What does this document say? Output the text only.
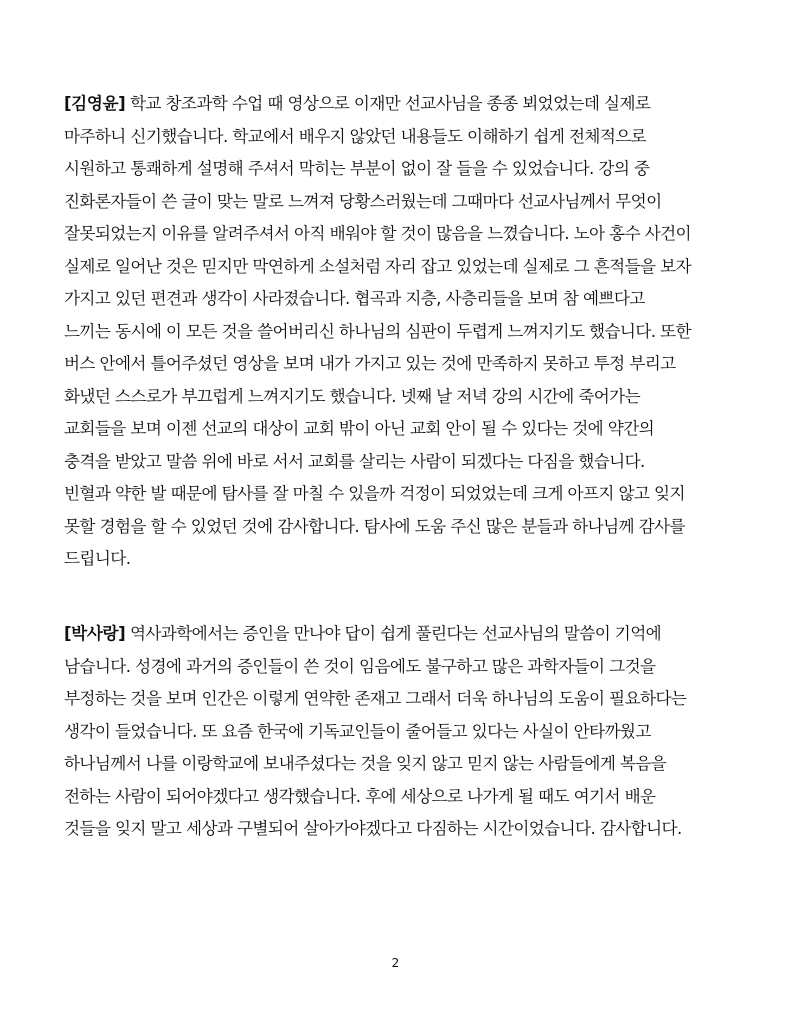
[김영윤] 학교 창조과학 수업 때 영상으로 이재만 선교사님을 종종 뵈었었는데 실제로
마주하니 신기했습니다. 학교에서 배우지 않았던 내용들도 이해하기 쉽게 전체적으로
시원하고 통쾌하게 설명해 주셔서 막히는 부분이 없이 잘 들을 수 있었습니다. 강의 중
진화론자들이 쓴 글이 맞는 말로 느껴져 당황스러웠는데 그때마다 선교사님께서 무엇이
잘못되었는지 이유를 알려주셔서 아직 배워야 할 것이 많음을 느꼈습니다. 노아 홍수 사건이
실제로 일어난 것은 믿지만 막연하게 소설처럼 자리 잡고 있었는데 실제로 그 흔적들을 보자
가지고 있던 편견과 생각이 사라졌습니다. 협곡과 지층, 사층리들을 보며 참 예쁘다고
느끼는 동시에 이 모든 것을 쓸어버리신 하나님의 심판이 두렵게 느껴지기도 했습니다. 또한
버스 안에서 틀어주셨던 영상을 보며 내가 가지고 있는 것에 만족하지 못하고 투정 부리고
화냈던 스스로가 부끄럽게 느껴지기도 했습니다. 넷째 날 저녁 강의 시간에 죽어가는
교회들을 보며 이젠 선교의 대상이 교회 밖이 아닌 교회 안이 될 수 있다는 것에 약간의
충격을 받았고 말씀 위에 바로 서서 교회를 살리는 사람이 되겠다는 다짐을 했습니다.
빈혈과 약한 발 때문에 탐사를 잘 마칠 수 있을까 걱정이 되었었는데 크게 아프지 않고 잊지
못할 경험을 할 수 있었던 것에 감사합니다. 탐사에 도움 주신 많은 분들과 하나님께 감사를
드립니다.
[박사랑] 역사과학에서는 증인을 만나야 답이 쉽게 풀린다는 선교사님의 말씀이 기억에
남습니다. 성경에 과거의 증인들이 쓴 것이 임음에도 불구하고 많은 과학자들이 그것을
부정하는 것을 보며 인간은 이렇게 연약한 존재고 그래서 더욱 하나님의 도움이 필요하다는
생각이 들었습니다. 또 요즘 한국에 기독교인들이 줄어들고 있다는 사실이 안타까웠고
하나님께서 나를 이랑학교에 보내주셨다는 것을 잊지 않고 믿지 않는 사람들에게 복음을
전하는 사람이 되어야겠다고 생각했습니다. 후에 세상으로 나가게 될 때도 여기서 배운
것들을 잊지 말고 세상과 구별되어 살아가야겠다고 다짐하는 시간이었습니다. 감사합니다.
2
